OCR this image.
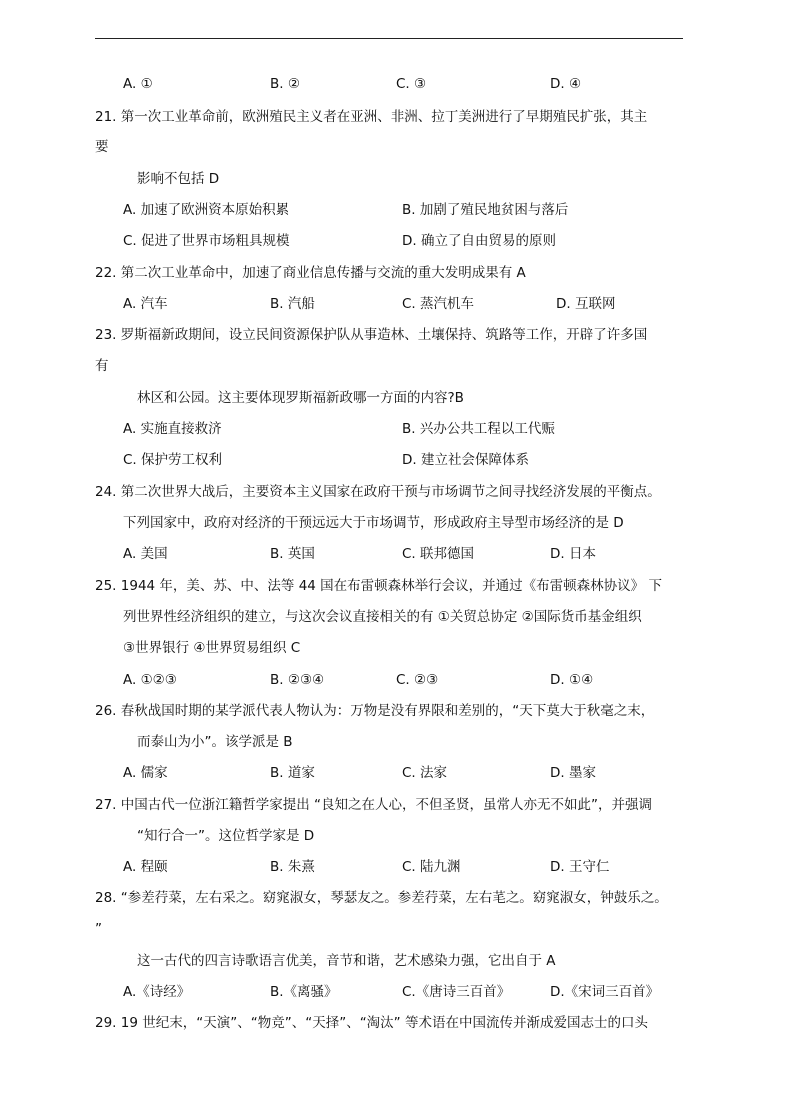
A. ①	B. ②	C. ③	D. ④
21. 第一次工业革命前，欧洲殖民主义者在亚洲、非洲、拉丁美洲进行了早期殖民扩张，其主
要
影响不包括 D
A. 加速了欧洲资本原始积累	B. 加剧了殖民地贫困与落后
C. 促进了世界市场粗具规模	D. 确立了自由贸易的原则
22. 第二次工业革命中，加速了商业信息传播与交流的重大发明成果有 A
A. 汽车	B. 汽船	C. 蒸汽机车	D. 互联网
23. 罗斯福新政期间，设立民间资源保护队从事造林、土壤保持、筑路等工作，开辟了许多国
有
林区和公园。这主要体现罗斯福新政哪一方面的内容?B
A. 实施直接救济	B. 兴办公共工程以工代赈
C. 保护劳工权利	D. 建立社会保障体系
24. 第二次世界大战后，主要资本主义国家在政府干预与市场调节之间寻找经济发展的平衡点。
下列国家中，政府对经济的干预远远大于市场调节，形成政府主导型市场经济的是 D
A. 美国	B. 英国	C. 联邦德国	D. 日本
25. 1944 年，美、苏、中、法等 44 国在布雷顿森林举行会议，并通过《布雷顿森林协议》 下
列世界性经济组织的建立，与这次会议直接相关的有 ①关贸总协定 ②国际货币基金组织
③世界银行 ④世界贸易组织 C
A. ①②③	B. ②③④	C. ②③	D. ①④
26. 春秋战国时期的某学派代表人物认为：万物是没有界限和差别的，“天下莫大于秋毫之末，
而泰山为小”。该学派是 B
A. 儒家	B. 道家	C. 法家	D. 墨家
27. 中国古代一位浙江籍哲学家提出 “良知之在人心，不但圣贤，虽常人亦无不如此”，并强调
“知行合一”。这位哲学家是 D
A. 程颐	B. 朱熹	C. 陆九渊	D. 王守仁
28. “参差荇菜，左右采之。窈窕淑女，琴瑟友之。参差荇菜，左右芼之。窈窕淑女，钟鼓乐之。
”
这一古代的四言诗歌语言优美，音节和谐，艺术感染力强，它出自于 A
A.《诗经》	B.《离骚》	C.《唐诗三百首》	D.《宋词三百首》
29. 19 世纪末，“天演”、“物竞”、“天择”、“淘汰” 等术语在中国流传并渐成爱国志士的口头
